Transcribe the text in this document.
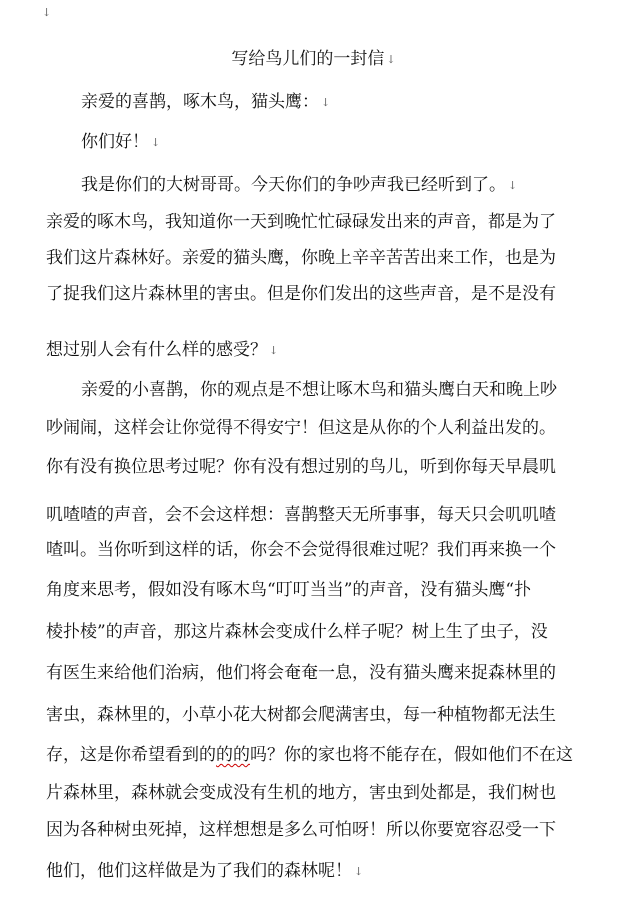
↓
写给鸟儿们的一封信 ↓
亲爱的喜鹊，啄木鸟，猫头鹰： ↓
你们好！ ↓
我是你们的大树哥哥。今天你们的争吵声我已经听到了。 ↓
亲爱的啄木鸟，我知道你一天到晚忙忙碌碌发出来的声音，都是为了
我们这片森林好。亲爱的猫头鹰，你晚上辛辛苦苦出来工作，也是为
了捉我们这片森林里的害虫。但是你们发出的这些声音，是不是没有
想过别人会有什么样的感受？ ↓
亲爱的小喜鹊，你的观点是不想让啄木鸟和猫头鹰白天和晚上吵
吵闹闹，这样会让你觉得不得安宁！但这是从你的个人利益出发的。
你有没有换位思考过呢？你有没有想过别的鸟儿，听到你每天早晨叽
叽喳喳的声音，会不会这样想：喜鹊整天无所事事，每天只会叽叽喳
喳叫。当你听到这样的话，你会不会觉得很难过呢？我们再来换一个
角度来思考，假如没有啄木鸟“叮叮当当”的声音，没有猫头鹰“扑
棱扑棱”的声音，那这片森林会变成什么样子呢？树上生了虫子，没
有医生来给他们治病，他们将会奄奄一息，没有猫头鹰来捉森林里的
害虫，森林里的，小草小花大树都会爬满害虫，每一种植物都无法生
存，这是你希望看到的的的吗？你的家也将不能存在，假如他们不在这
片森林里，森林就会变成没有生机的地方，害虫到处都是，我们树也
因为各种树虫死掉，这样想想是多么可怕呀！所以你要宽容忍受一下
他们，他们这样做是为了我们的森林呢！ ↓
